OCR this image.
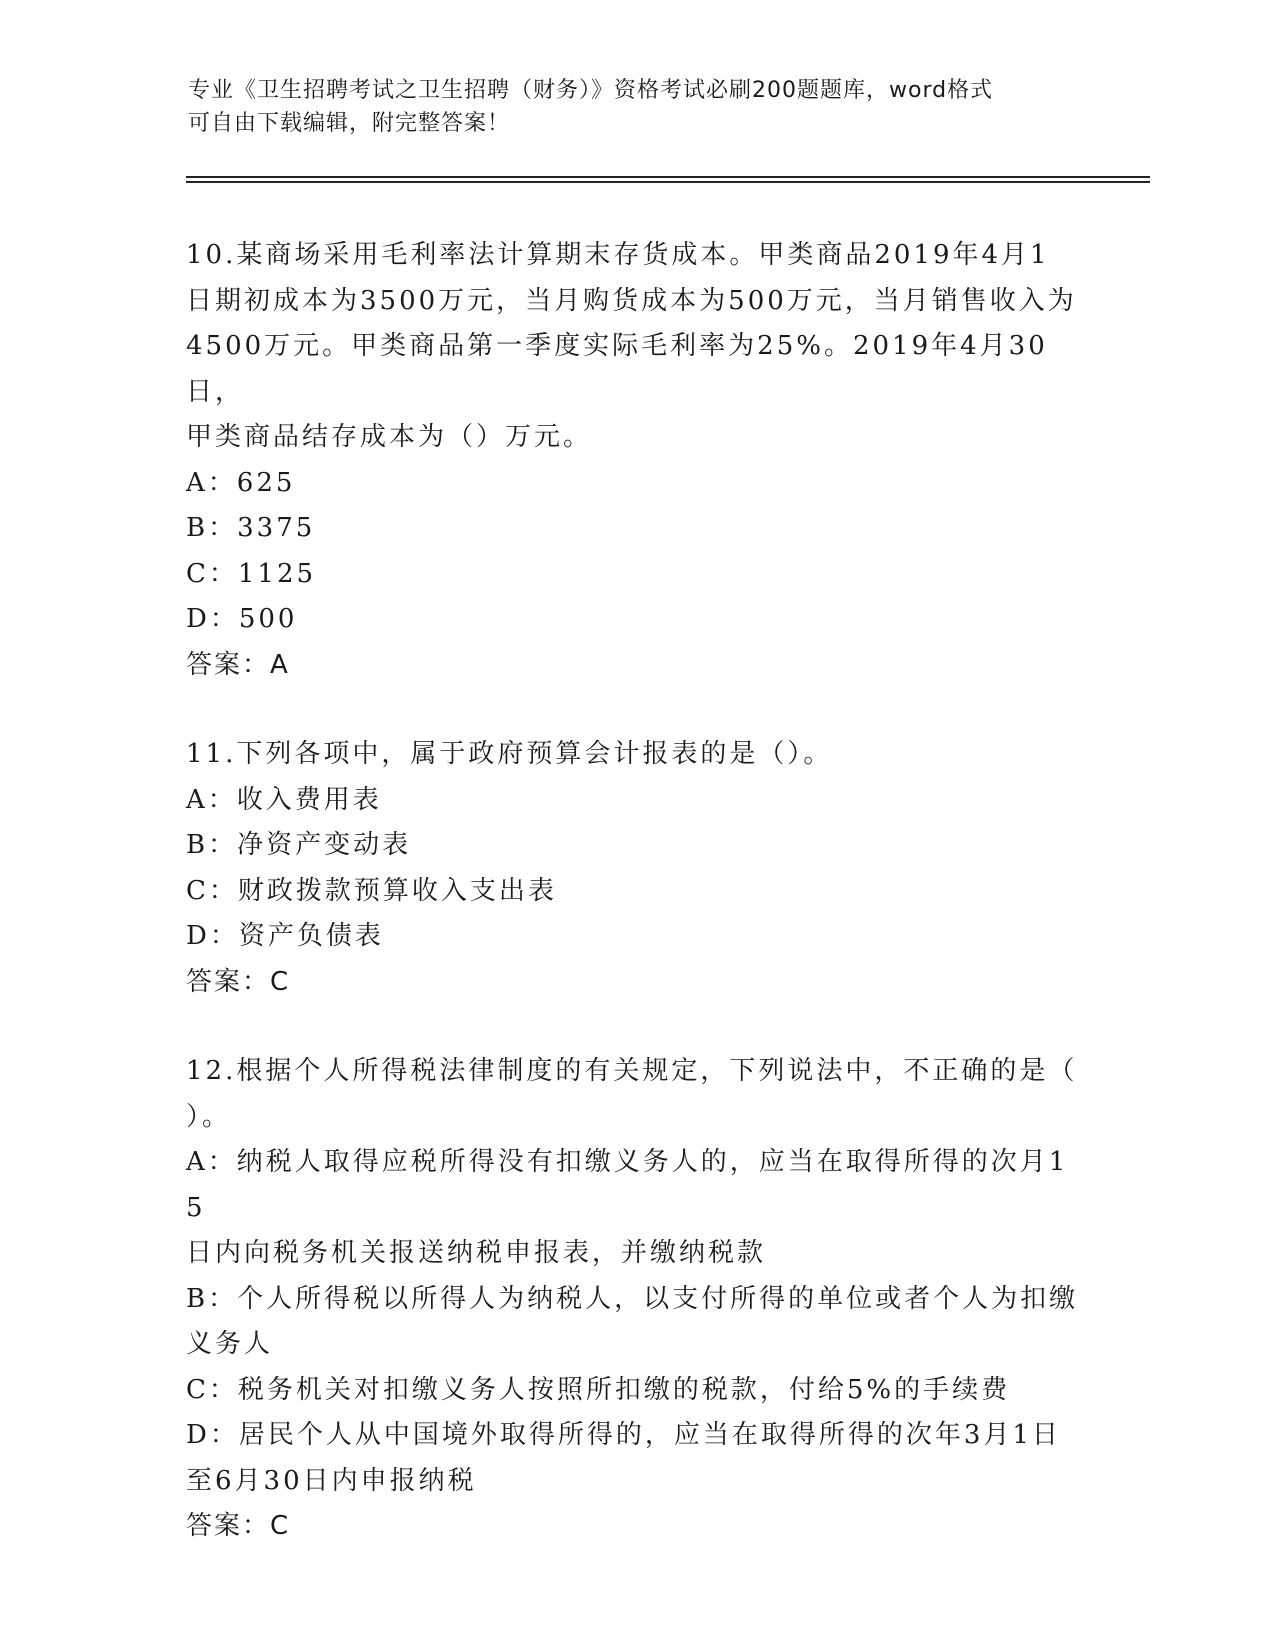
专业《卫生招聘考试之卫生招聘（财务）》资格考试必刷200题题库，word格式
可自由下载编辑，附完整答案！
10.某商场采用毛利率法计算期末存货成本。甲类商品2019年4月1
日期初成本为3500万元，当月购货成本为500万元，当月销售收入为
4500万元。甲类商品第一季度实际毛利率为25%。2019年4月30日，
甲类商品结存成本为（）万元。
A：625
B：3375
C：1125
D：500
答案：A
11.下列各项中，属于政府预算会计报表的是（）。
A：收入费用表
B：净资产变动表
C：财政拨款预算收入支出表
D：资产负债表
答案：C
12.根据个人所得税法律制度的有关规定，下列说法中，不正确的是（
）。
A：纳税人取得应税所得没有扣缴义务人的，应当在取得所得的次月15
日内向税务机关报送纳税申报表，并缴纳税款
B：个人所得税以所得人为纳税人，以支付所得的单位或者个人为扣缴
义务人
C：税务机关对扣缴义务人按照所扣缴的税款，付给5%的手续费
D：居民个人从中国境外取得所得的，应当在取得所得的次年3月1日
至6月30日内申报纳税
答案：C
